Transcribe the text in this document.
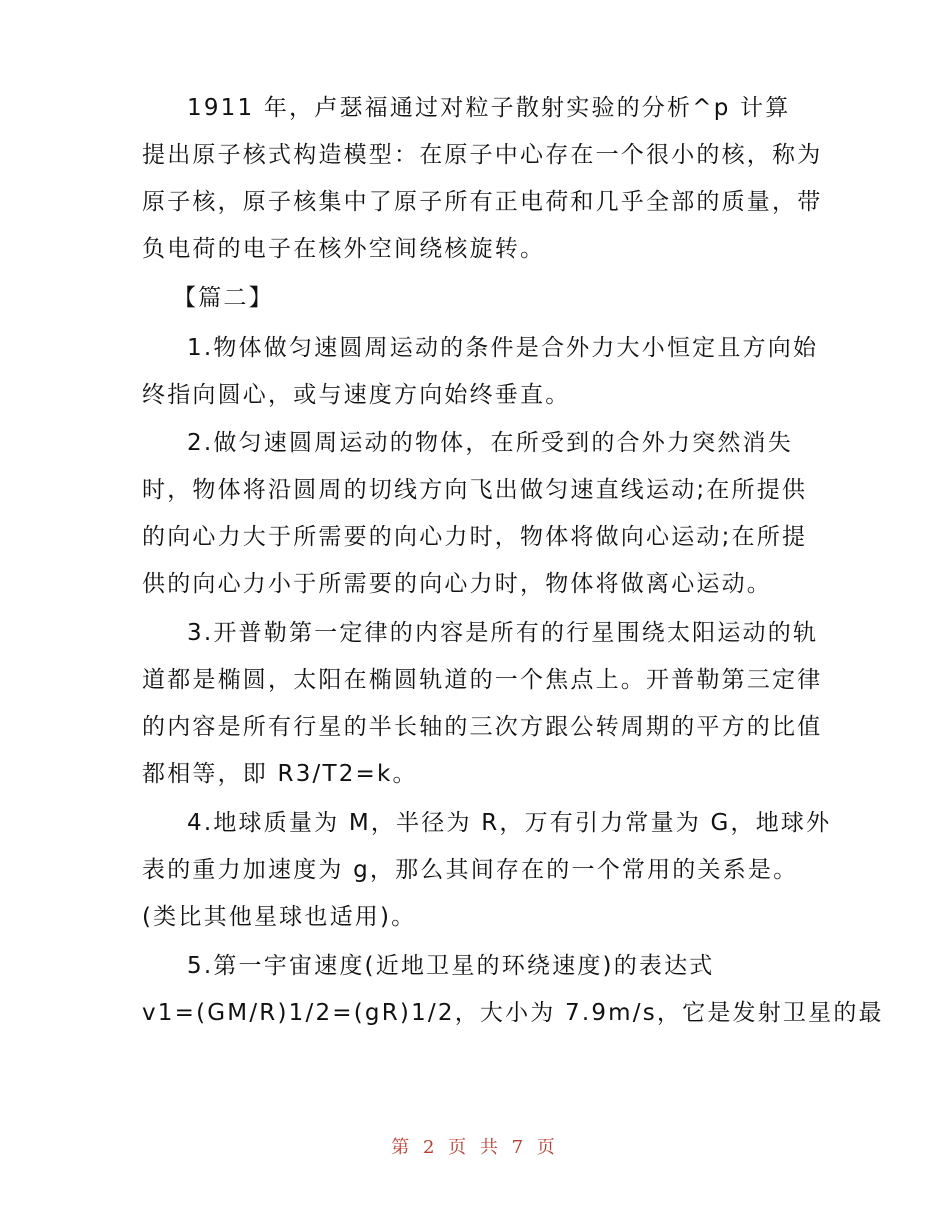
1911 年，卢瑟福通过对粒子散射实验的分析^p 计算
提出原子核式构造模型：在原子中心存在一个很小的核，称为
原子核，原子核集中了原子所有正电荷和几乎全部的质量，带
负电荷的电子在核外空间绕核旋转。
【篇二】
1.物体做匀速圆周运动的条件是合外力大小恒定且方向始
终指向圆心，或与速度方向始终垂直。
2.做匀速圆周运动的物体，在所受到的合外力突然消失
时，物体将沿圆周的切线方向飞出做匀速直线运动;在所提供
的向心力大于所需要的向心力时，物体将做向心运动;在所提
供的向心力小于所需要的向心力时，物体将做离心运动。
3.开普勒第一定律的内容是所有的行星围绕太阳运动的轨
道都是椭圆，太阳在椭圆轨道的一个焦点上。开普勒第三定律
的内容是所有行星的半长轴的三次方跟公转周期的平方的比值
都相等，即 R3/T2=k。
4.地球质量为 M，半径为 R，万有引力常量为 G，地球外
表的重力加速度为 g，那么其间存在的一个常用的关系是。
(类比其他星球也适用)。
5.第一宇宙速度(近地卫星的环绕速度)的表达式
v1=(GM/R)1/2=(gR)1/2，大小为 7.9m/s，它是发射卫星的最
第 2 页 共 7 页
